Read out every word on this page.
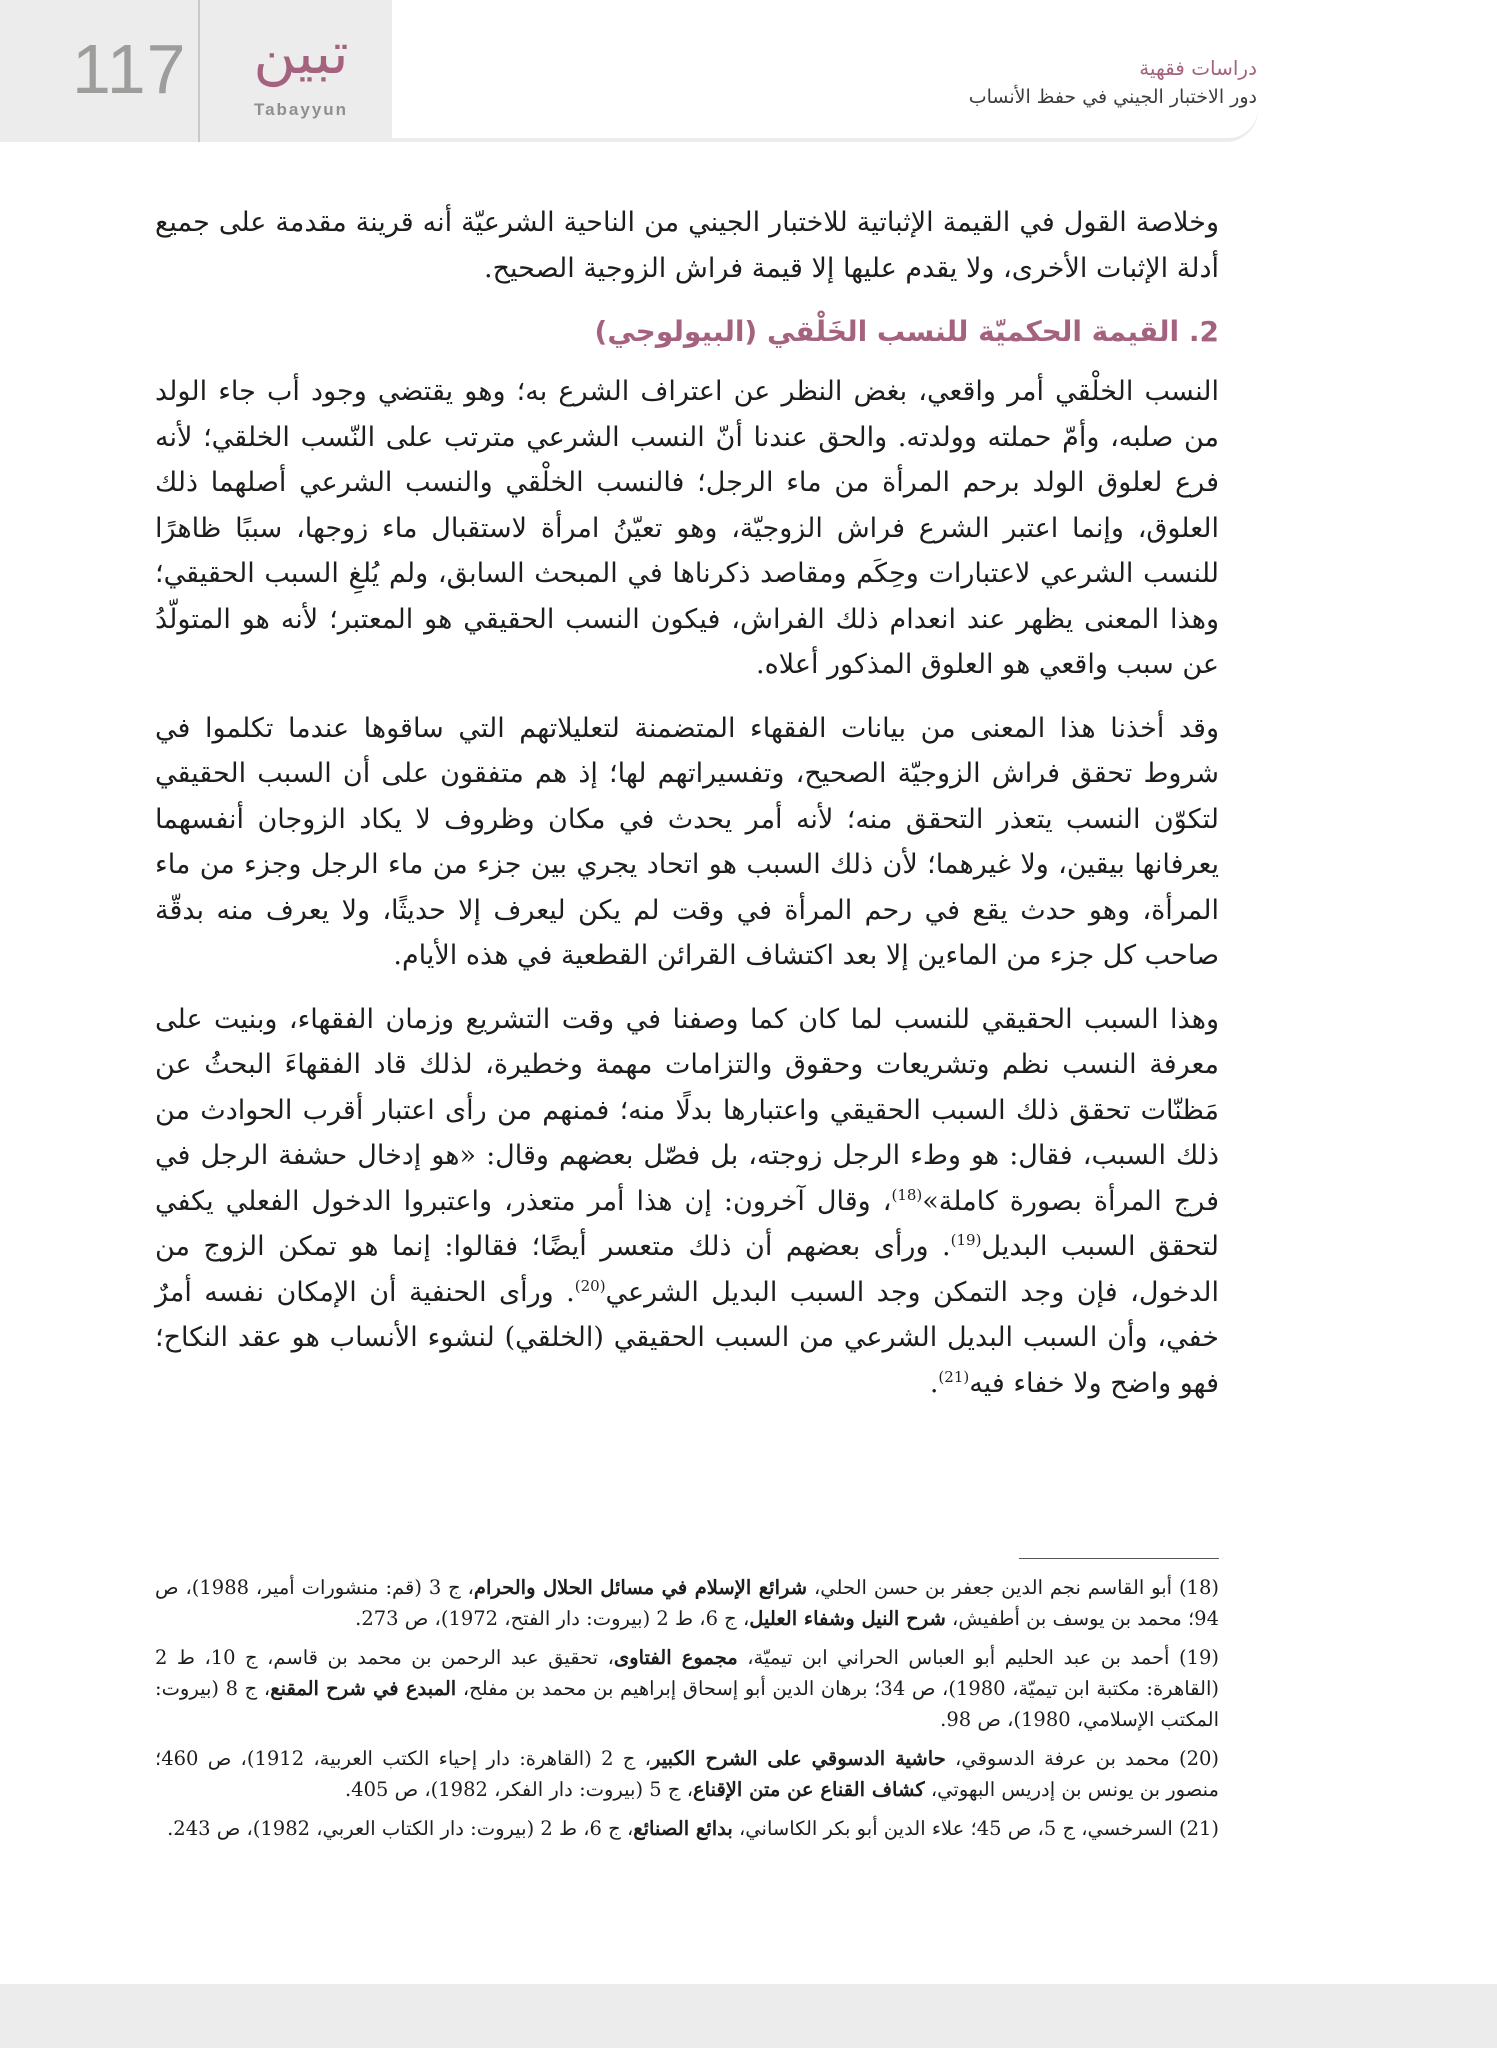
117	تبين
Tabayyun
دراسات فقهية
دور الاختبار الجيني في حفظ الأنساب

وخلاصة القول في القيمة الإثباتية للاختبار الجيني من الناحية الشرعيّة أنه قرينة مقدمة على جميع أدلة الإثبات الأخرى، ولا يقدم عليها إلا قيمة فراش الزوجية الصحيح.

2. القيمة الحكميّة للنسب الخَلْقي (البيولوجي)

النسب الخلْقي أمر واقعي، بغض النظر عن اعتراف الشرع به؛ وهو يقتضي وجود أب جاء الولد من صلبه، وأمّ حملته وولدته. والحق عندنا أنّ النسب الشرعي مترتب على النّسب الخلقي؛ لأنه فرع لعلوق الولد برحم المرأة من ماء الرجل؛ فالنسب الخلْقي والنسب الشرعي أصلهما ذلك العلوق، وإنما اعتبر الشرع فراش الزوجيّة، وهو تعيّنُ امرأة لاستقبال ماء زوجها، سببًا ظاهرًا للنسب الشرعي لاعتبارات وحِكَم ومقاصد ذكرناها في المبحث السابق، ولم يُلغِ السبب الحقيقي؛ وهذا المعنى يظهر عند انعدام ذلك الفراش، فيكون النسب الحقيقي هو المعتبر؛ لأنه هو المتولّدُ عن سبب واقعي هو العلوق المذكور أعلاه.

وقد أخذنا هذا المعنى من بيانات الفقهاء المتضمنة لتعليلاتهم التي ساقوها عندما تكلموا في شروط تحقق فراش الزوجيّة الصحيح، وتفسيراتهم لها؛ إذ هم متفقون على أن السبب الحقيقي لتكوّن النسب يتعذر التحقق منه؛ لأنه أمر يحدث في مكان وظروف لا يكاد الزوجان أنفسهما يعرفانها بيقين، ولا غيرهما؛ لأن ذلك السبب هو اتحاد يجري بين جزء من ماء الرجل وجزء من ماء المرأة، وهو حدث يقع في رحم المرأة في وقت لم يكن ليعرف إلا حديثًا، ولا يعرف منه بدقّة صاحب كل جزء من الماءين إلا بعد اكتشاف القرائن القطعية في هذه الأيام.

وهذا السبب الحقيقي للنسب لما كان كما وصفنا في وقت التشريع وزمان الفقهاء، وبنيت على معرفة النسب نظم وتشريعات وحقوق والتزامات مهمة وخطيرة، لذلك قاد الفقهاءَ البحثُ عن مَظنّات تحقق ذلك السبب الحقيقي واعتبارها بدلًا منه؛ فمنهم من رأى اعتبار أقرب الحوادث من ذلك السبب، فقال: هو وطء الرجل زوجته، بل فصّل بعضهم وقال: «هو إدخال حشفة الرجل في فرج المرأة بصورة كاملة»$^{(18)}$، وقال آخرون: إن هذا أمر متعذر، واعتبروا الدخول الفعلي يكفي لتحقق السبب البديل$^{(19)}$. ورأى بعضهم أن ذلك متعسر أيضًا؛ فقالوا: إنما هو تمكن الزوج من الدخول، فإن وجد التمكن وجد السبب البديل الشرعي$^{(20)}$. ورأى الحنفية أن الإمكان نفسه أمرٌ خفي، وأن السبب البديل الشرعي من السبب الحقيقي (الخلقي) لنشوء الأنساب هو عقد النكاح؛ فهو واضح ولا خفاء فيه$^{(21)}$.

(18) أبو القاسم نجم الدين جعفر بن حسن الحلي، شرائع الإسلام في مسائل الحلال والحرام، ج 3 (قم: منشورات أمير، 1988)، ص 94؛ محمد بن يوسف بن أطفيش، شرح النيل وشفاء العليل، ج 6، ط 2 (بيروت: دار الفتح، 1972)، ص 273.

(19) أحمد بن عبد الحليم أبو العباس الحراني ابن تيميّة، مجموع الفتاوى، تحقيق عبد الرحمن بن محمد بن قاسم، ج 10، ط 2 (القاهرة: مكتبة ابن تيميّة، 1980)، ص 34؛ برهان الدين أبو إسحاق إبراهيم بن محمد بن مفلح، المبدع في شرح المقنع، ج 8 (بيروت: المكتب الإسلامي، 1980)، ص 98.

(20) محمد بن عرفة الدسوقي، حاشية الدسوقي على الشرح الكبير، ج 2 (القاهرة: دار إحياء الكتب العربية، 1912)، ص 460؛ منصور بن يونس بن إدريس البهوتي، كشاف القناع عن متن الإقناع، ج 5 (بيروت: دار الفكر، 1982)، ص 405.

(21) السرخسي، ج 5، ص 45؛ علاء الدين أبو بكر الكاساني، بدائع الصنائع، ج 6، ط 2 (بيروت: دار الكتاب العربي، 1982)، ص 243.
